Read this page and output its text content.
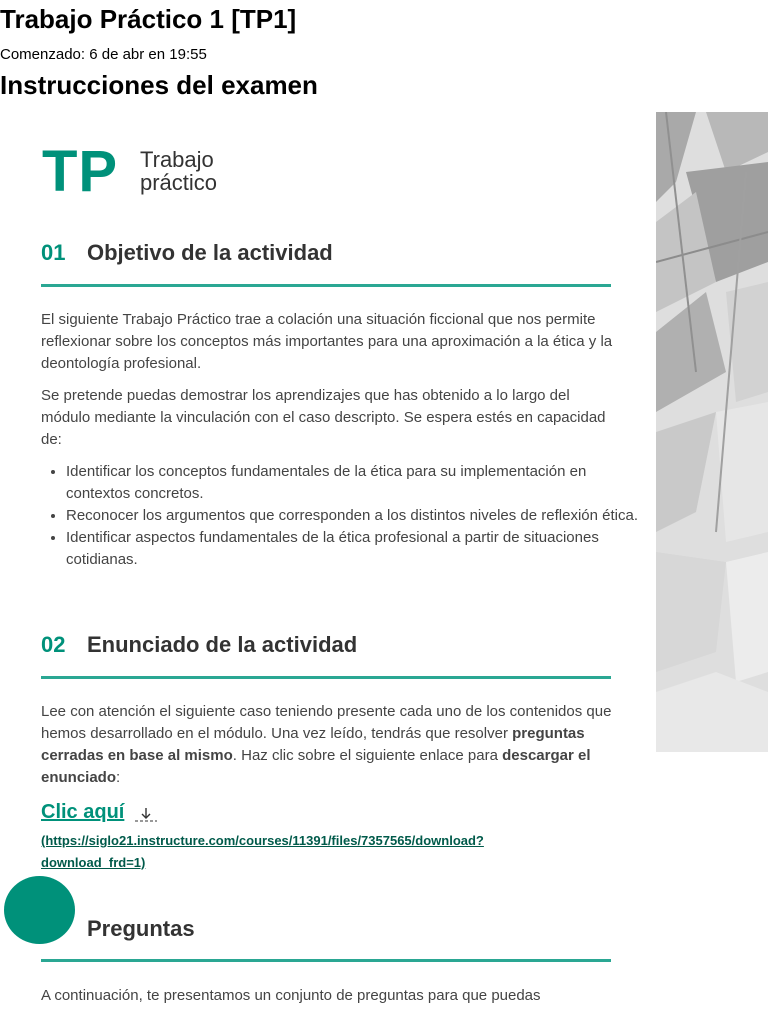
Trabajo Práctico 1 [TP1]
Comenzado: 6 de abr en 19:55
Instrucciones del examen
TP Trabajo
práctico
01 Objetivo de la actividad
El siguiente Trabajo Práctico trae a colación una situación ficcional que nos permite reflexionar sobre los conceptos más importantes para una aproximación a la ética y la deontología profesional.
Se pretende puedas demostrar los aprendizajes que has obtenido a lo largo del módulo mediante la vinculación con el caso descripto. Se espera estés en capacidad de:
• Identificar los conceptos fundamentales de la ética para su implementación en contextos concretos.
• Reconocer los argumentos que corresponden a los distintos niveles de reflexión ética.
• Identificar aspectos fundamentales de la ética profesional a partir de situaciones cotidianas.
02 Enunciado de la actividad
Lee con atención el siguiente caso teniendo presente cada uno de los contenidos que hemos desarrollado en el módulo. Una vez leído, tendrás que resolver preguntas cerradas en base al mismo. Haz clic sobre el siguiente enlace para descargar el enunciado:
Clic aquí
(https://siglo21.instructure.com/courses/11391/files/7357565/download?download_frd=1)
Preguntas
A continuación, te presentamos un conjunto de preguntas para que puedas
